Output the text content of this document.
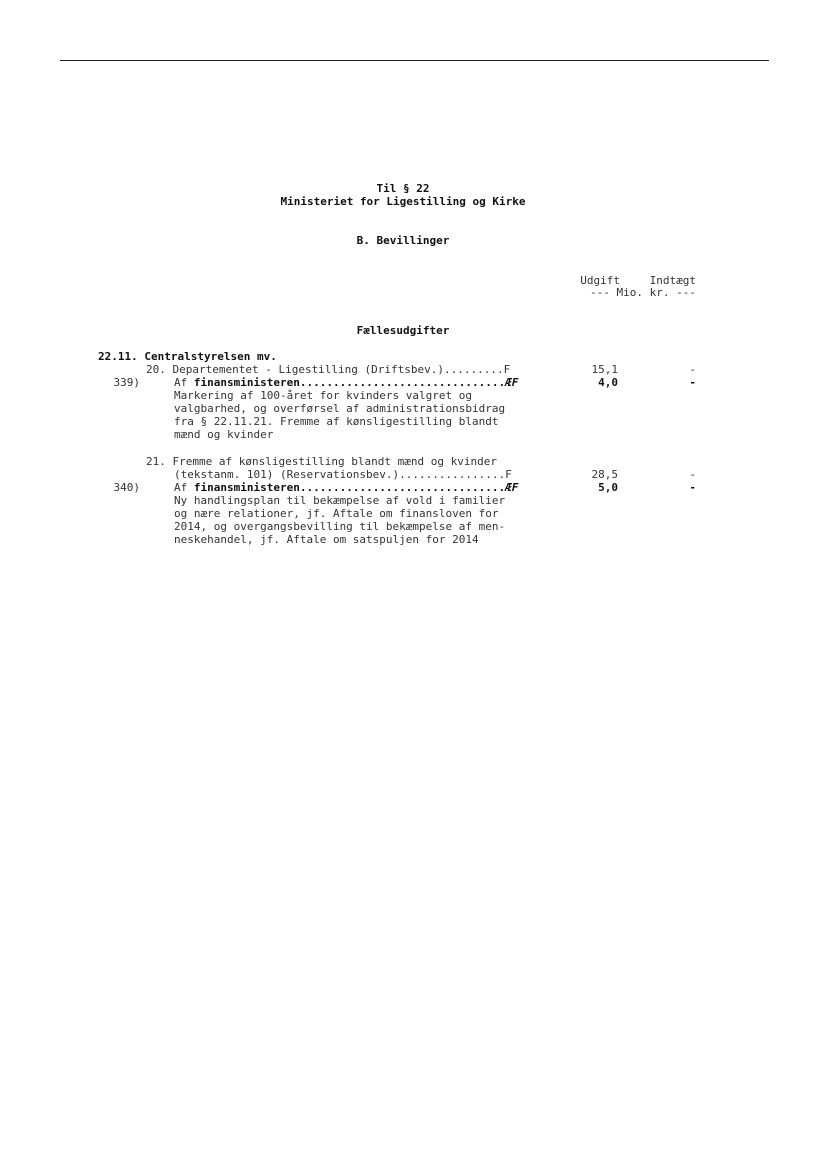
Til § 22
Ministeriet for Ligestilling og Kirke
B. Bevillinger
Udgift	Indtægt
--- Mio. kr. ---
Fællesudgifter
22.11. Centralstyrelsen mv.
20. Departementet - Ligestilling (Driftsbev.).........F	15,1	-
339)	Af finansministeren...............................ÆF	4,0	-
Markering af 100-året for kvinders valgret og
valgbarhed, og overførsel af administrationsbidrag
fra § 22.11.21. Fremme af kønsligestilling blandt
mænd og kvinder
21. Fremme af kønsligestilling blandt mænd og kvinder
(tekstanm. 101) (Reservationsbev.)................F	28,5	-
340)	Af finansministeren...............................ÆF	5,0	-
Ny handlingsplan til bekæmpelse af vold i familier
og nære relationer, jf. Aftale om finansloven for
2014, og overgangsbevilling til bekæmpelse af men-
neskehandel, jf. Aftale om satspuljen for 2014
